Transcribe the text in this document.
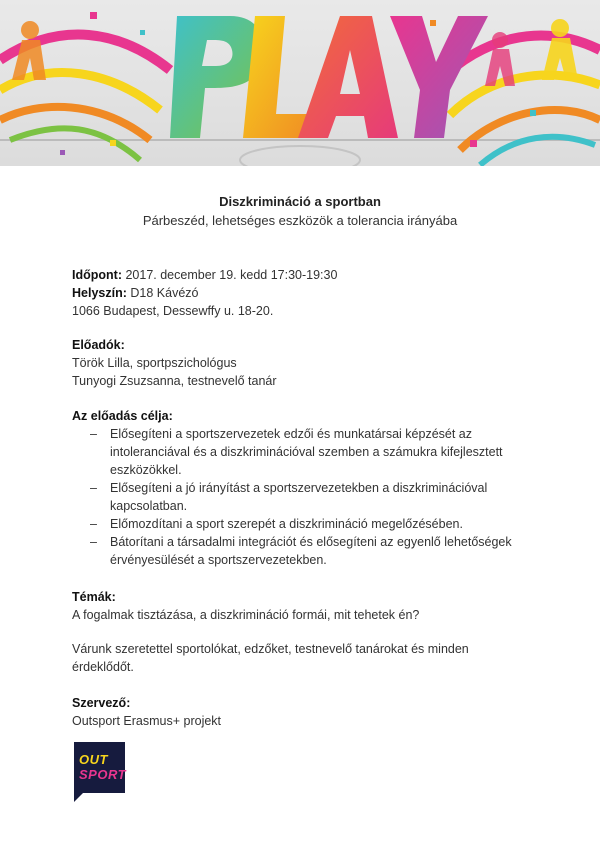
Diszkrimináció a sportban
Párbeszéd, lehetséges eszközök a tolerancia irányába
Időpont: 2017. december 19. kedd 17:30-19:30
Helyszín: D18 Kávézó
1066 Budapest, Dessewffy u. 18-20.
Előadók:
Török Lilla, sportpszichológus
Tunyogi Zsuzsanna, testnevelő tanár
Az előadás célja:
– Elősegíteni a sportszervezetek edzői és munkatársai képzését az
intoleranciával és a diszkriminációval szemben a számukra kifejlesztett
eszközökkel.
– Elősegíteni a jó irányítást a sportszervezetekben a diszkriminációval
kapcsolatban.
– Előmozdítani a sport szerepét a diszkrimináció megelőzésében.
– Bátorítani a társadalmi integrációt és elősegíteni az egyenlő lehetőségek
érvényesülését a sportszervezetekben.
Témák:
A fogalmak tisztázása, a diszkrimináció formái, mit tehetek én?
Várunk szeretettel sportolókat, edzőket, testnevelő tanárokat és minden
érdeklődőt.
Szervező:
Outsport Erasmus+ projekt
OUT
SPORT
